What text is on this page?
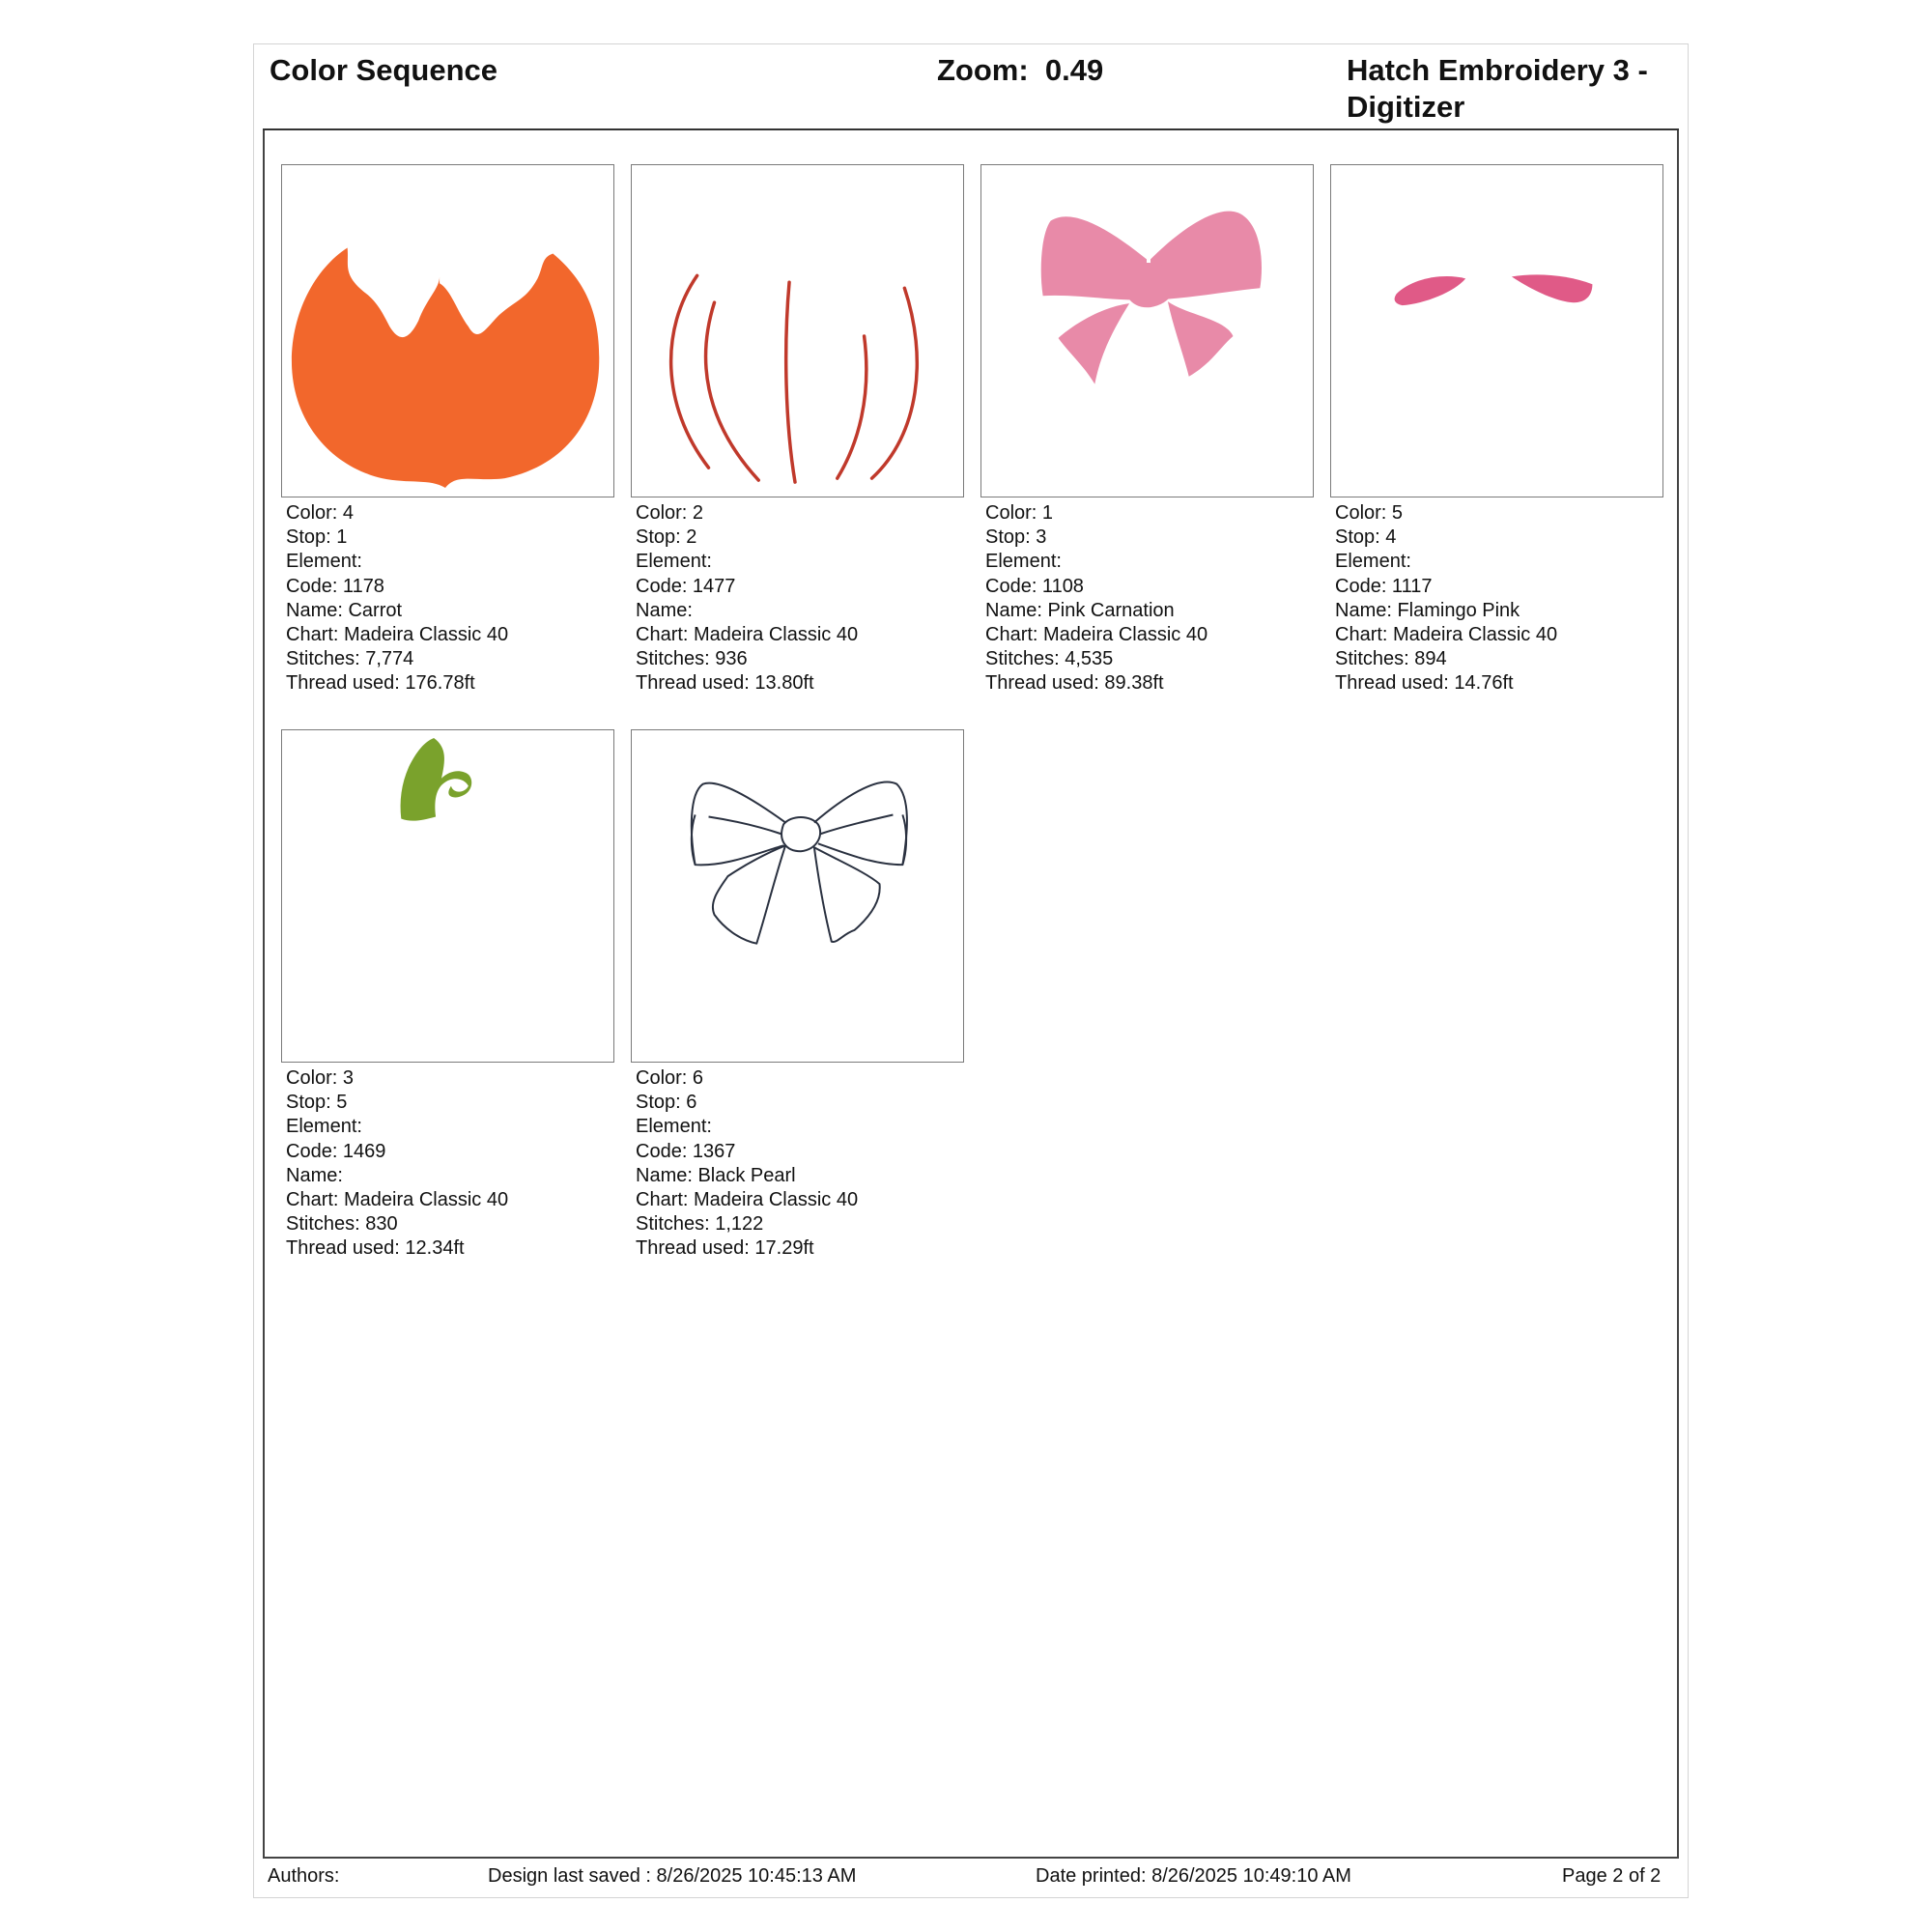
Color Sequence	Zoom:  0.49	Hatch Embroidery 3 - Digitizer
Color: 4
Stop: 1
Element:
Code: 1178
Name: Carrot
Chart: Madeira Classic 40
Stitches: 7,774
Thread used: 176.78ft
Color: 2
Stop: 2
Element:
Code: 1477
Name:
Chart: Madeira Classic 40
Stitches: 936
Thread used: 13.80ft
Color: 1
Stop: 3
Element:
Code: 1108
Name: Pink Carnation
Chart: Madeira Classic 40
Stitches: 4,535
Thread used: 89.38ft
Color: 5
Stop: 4
Element:
Code: 1117
Name: Flamingo Pink
Chart: Madeira Classic 40
Stitches: 894
Thread used: 14.76ft
Color: 3
Stop: 5
Element:
Code: 1469
Name:
Chart: Madeira Classic 40
Stitches: 830
Thread used: 12.34ft
Color: 6
Stop: 6
Element:
Code: 1367
Name: Black Pearl
Chart: Madeira Classic 40
Stitches: 1,122
Thread used: 17.29ft
Authors:	Design last saved : 8/26/2025 10:45:13 AM	Date printed: 8/26/2025 10:49:10 AM	Page 2 of 2
